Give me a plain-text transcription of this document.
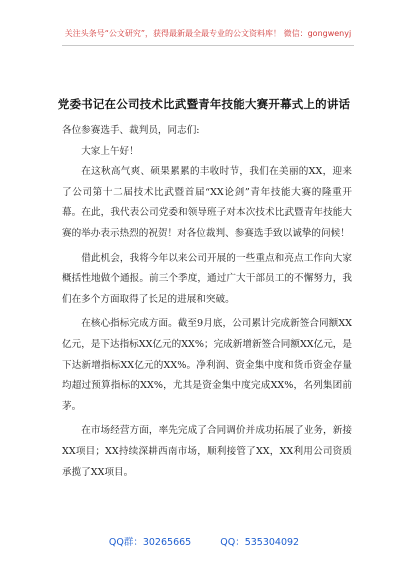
关注头条号“公文研究”，获得最新最全最专业的公文资料库！ 微信：gongwenyj
党委书记在公司技术比武暨青年技能大赛开幕式上的讲话
各位参赛选手、裁判员，同志们:

大家上午好！

在这秋高气爽、硕果累累的丰收时节，我们在美丽的XX，迎来了公司第十二届技术比武暨首届“XX论剑”青年技能大赛的隆重开幕。在此，我代表公司党委和领导班子对本次技术比武暨青年技能大赛的举办表示热烈的祝贺！对各位裁判、参赛选手致以诚挚的问候！

借此机会，我将今年以来公司开展的一些重点和亮点工作向大家概括性地做个通报。前三个季度，通过广大干部员工的不懈努力，我们在多个方面取得了长足的进展和突破。

在核心指标完成方面。截至9月底，公司累计完成新签合同额XX亿元，是下达指标XX亿元的XX%；完成新增新签合同额XX亿元，是下达新增指标XX亿元的XX%。净利润、资金集中度和货币资金存量均超过预算指标的XX%，尤其是资金集中度完成XX%，名列集团前茅。

在市场经营方面，率先完成了合同调价并成功拓展了业务，新接XX项目；XX持续深耕西南市场，顺利接管了XX，XX利用公司资质承揽了XX项目。

QQ群：30265665	QQ：535304092
